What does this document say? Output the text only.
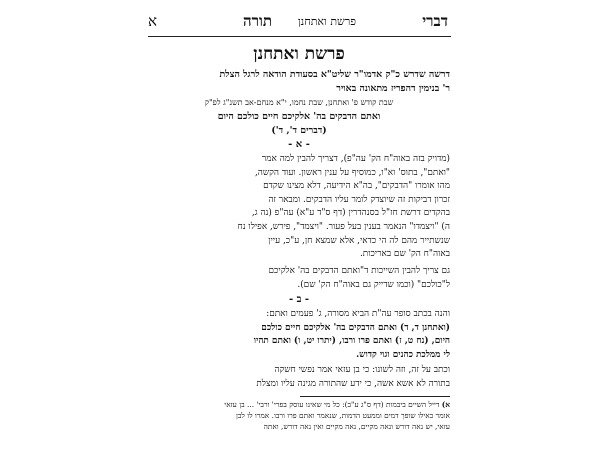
דברי
פרשת ואתחנן
תורה
א
פרשת ואתחנן
דרשה שדרש כ"ק אדמו"ר שליט"א בסעודת הודאה לרגל הצלת
ר' בנימין דהפריז מתאונה באויר
שבת קודש פ' ואתחנן, שבת נחמו, י"א מנחם-אב תשנ"ג לפ"ק
ואתם הדבקים בה' אלקיכם חיים כולכם היום
(דברים ד', ד')
- א -
(מדויק בזה באוה"ח הק' עה"פ), דצריך להבין למה אמר
"ואתם", בתוס' וא"ו, כמוסיף על ענין ראשון. ועוד הקשה,
מהו אומרו "הדבקים", בה"א הידיעה, דלא מצינו שקדם
זכרון דביקות זה שיוצדק לומר עליו הדבקים. ומבאר זה
בהקדים דרשת חז"ל בסנהדרין (דף ס"ד ע"א) עה"פ (נה ג,
ה) "ויצמדו" הנאמר בענין בעל פעור. "ויצמד", פירש, אפילו נח
שנשתייר מהם לה הי כדאי, אלא שמצא חן, ע"כ, עיין
באוה"ח הק' שם באריכות.
גם צריך להבין השייכות ד"ואתם הדבקים בה' אלקיכם
ל"כולכם" (וכמו שדייק גם באוה"ח הק' שם).
- ב -
והנה בכתב סופר עה"ת הביא מסורה, ג' פעמים ואתם:
(ואתחנן ד, ד) ואתם הדבקים בה' אלקיכם חיים כולכם
היום, (נח ט, ז) ואתם פרו ורבו, (יתרו יט, ו) ואתם תהיו
לי ממלכת כהנים וגוי קדוש.
וכתב על זה, וזה לשונו: כי בן עזאי אמר נפשי חשקה
בתורה לא אשא אשה, כי ידע שהתורה מגינה עליו ומצלת
א) דייל השיים ביבמות (דף ס"ג ע"ב): כל מי שאינו עוסק בפרי' ורבי' ... בן עזאי
אומר כאילו שופך דמים וממעט הדמות, שנאמר ואתם פרו ורבו. אמרו לו לבן
עזאי, יש נאה דורש ונאה מקיים, נאה מקיים ואין נאה דורש, ואתה
